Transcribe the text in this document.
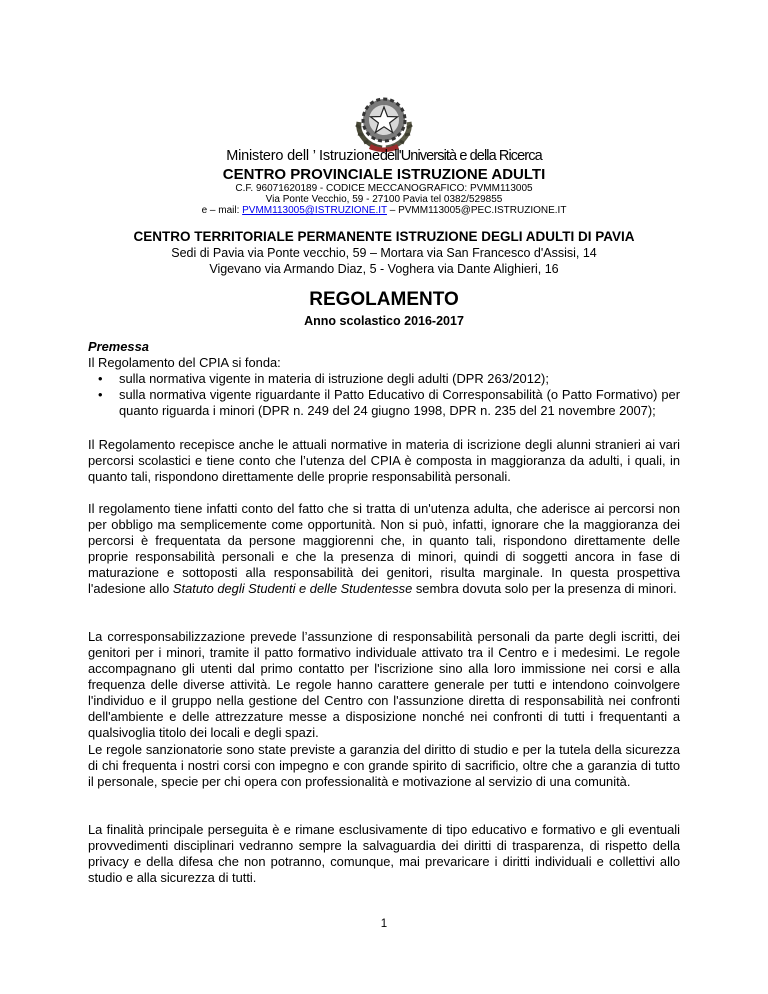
Ministero dell ’ Istruzionedell'Università e della Ricerca
CENTRO PROVINCIALE ISTRUZIONE ADULTI
C.F. 96071620189 - CODICE MECCANOGRAFICO: PVMM113005
Via Ponte Vecchio, 59 - 27100 Pavia tel 0382/529855
e – mail: PVMM113005@ISTRUZIONE.IT – PVMM113005@PEC.ISTRUZIONE.IT
CENTRO TERRITORIALE PERMANENTE ISTRUZIONE DEGLI ADULTI DI PAVIA
Sedi di Pavia via Ponte vecchio, 59 – Mortara via San Francesco d'Assisi, 14
Vigevano via Armando Diaz, 5 - Voghera via Dante Alighieri, 16
REGOLAMENTO
Anno scolastico 2016-2017
Premessa
Il Regolamento del CPIA si fonda:
• sulla normativa vigente in materia di istruzione degli adulti (DPR 263/2012);
• sulla normativa vigente riguardante il Patto Educativo di Corresponsabilità (o Patto Formativo) per quanto riguarda i minori (DPR n. 249 del 24 giugno 1998, DPR n. 235 del 21 novembre 2007);

Il Regolamento recepisce anche le attuali normative in materia di iscrizione degli alunni stranieri ai vari percorsi scolastici e tiene conto che l’utenza del CPIA è composta in maggioranza da adulti, i quali, in quanto tali, rispondono direttamente delle proprie responsabilità personali.

Il regolamento tiene infatti conto del fatto che si tratta di un'utenza adulta, che aderisce ai percorsi non per obbligo ma semplicemente come opportunità. Non si può, infatti, ignorare che la maggioranza dei percorsi è frequentata da persone maggiorenni che, in quanto tali, rispondono direttamente delle proprie responsabilità personali e che la presenza di minori, quindi di soggetti ancora in fase di maturazione e sottoposti alla responsabilità dei genitori, risulta marginale. In questa prospettiva l'adesione allo Statuto degli Studenti e delle Studentesse sembra dovuta solo per la presenza di minori.

La corresponsabilizzazione prevede l’assunzione di responsabilità personali da parte degli iscritti, dei genitori per i minori, tramite il patto formativo individuale attivato tra il Centro e i medesimi. Le regole accompagnano gli utenti dal primo contatto per l'iscrizione sino alla loro immissione nei corsi e alla frequenza delle diverse attività. Le regole hanno carattere generale per tutti e intendono coinvolgere l'individuo e il gruppo nella gestione del Centro con l'assunzione diretta di responsabilità nei confronti dell'ambiente e delle attrezzature messe a disposizione nonché nei confronti di tutti i frequentanti a qualsivoglia titolo dei locali e degli spazi.

Le regole sanzionatorie sono state previste a garanzia del diritto di studio e per la tutela della sicurezza di chi frequenta i nostri corsi con impegno e con grande spirito di sacrificio, oltre che a garanzia di tutto il personale, specie per chi opera con professionalità e motivazione al servizio di una comunità.

La finalità principale perseguita è e rimane esclusivamente di tipo educativo e formativo e gli eventuali provvedimenti disciplinari vedranno sempre la salvaguardia dei diritti di trasparenza, di rispetto della privacy e della difesa che non potranno, comunque, mai prevaricare i diritti individuali e collettivi allo studio e alla sicurezza di tutti.

1
